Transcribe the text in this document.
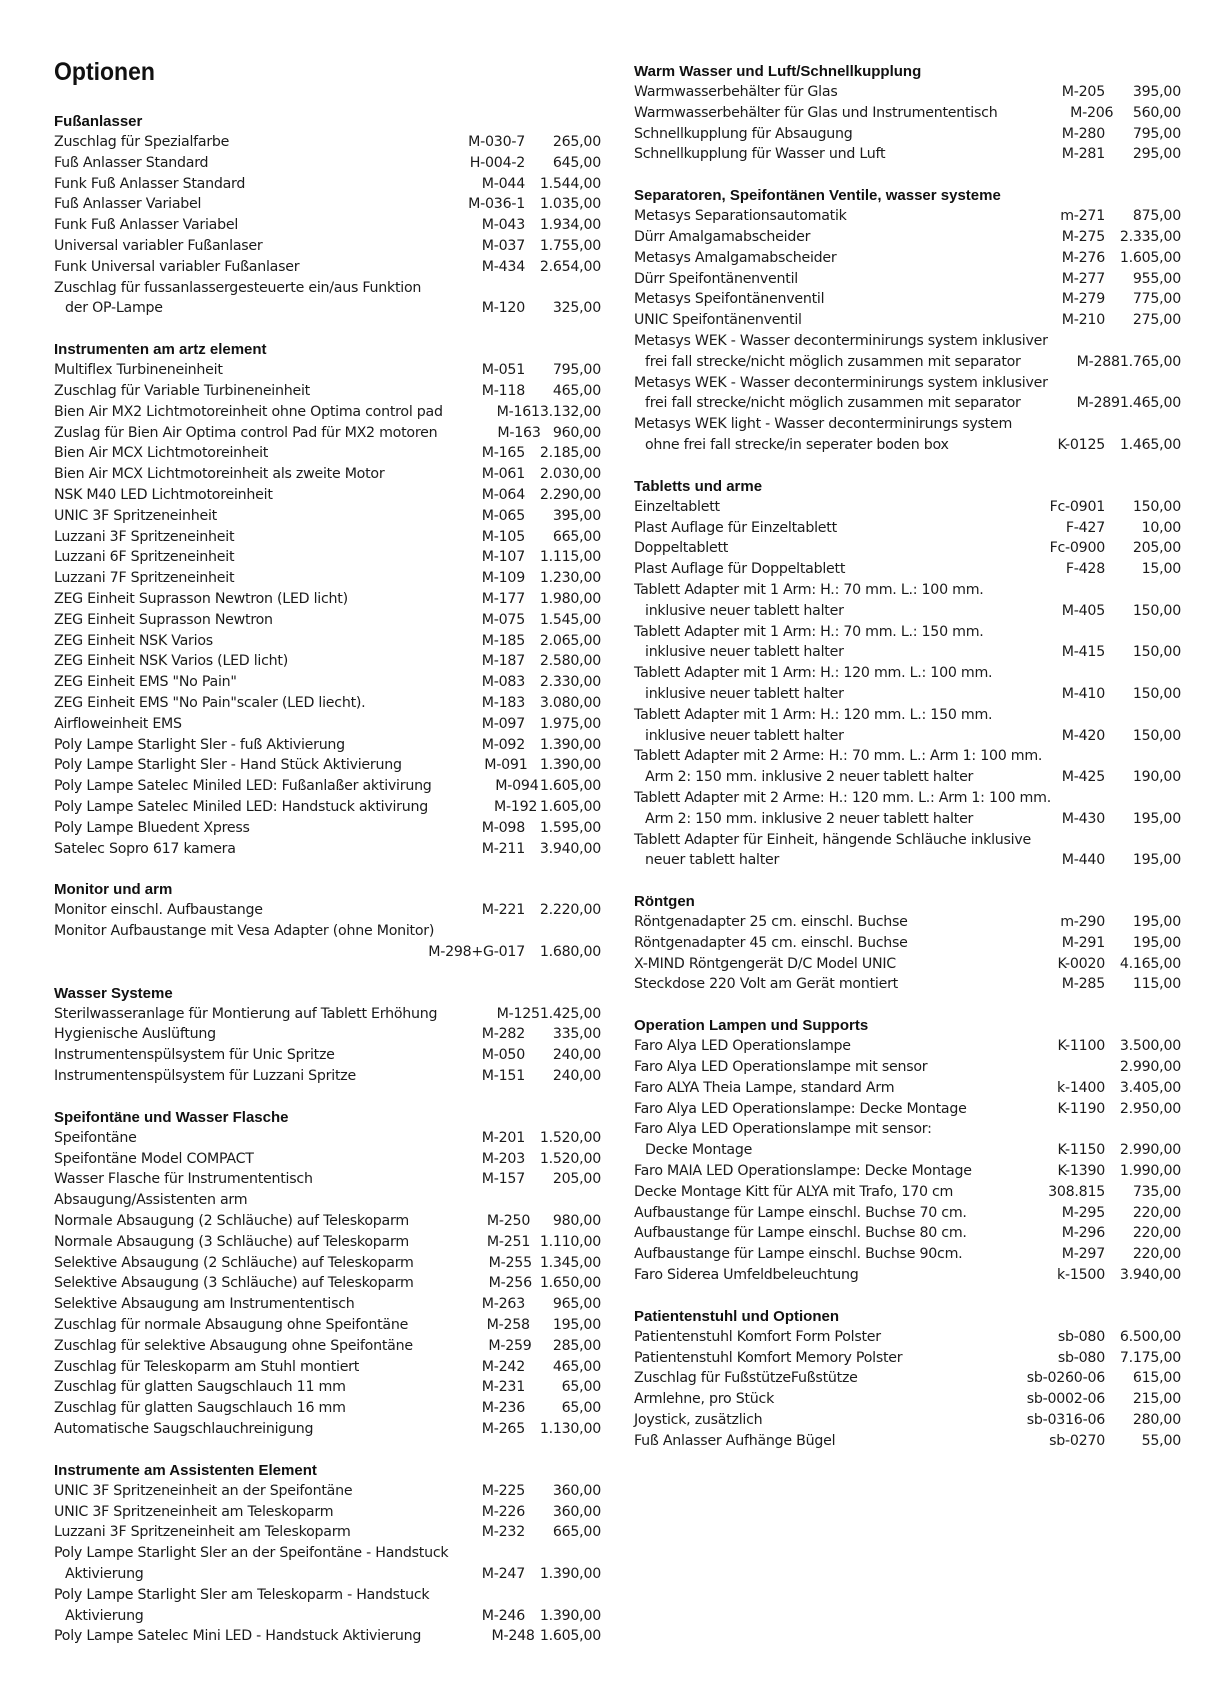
Optionen
Fußanlasser
Zuschlag für Spezialfarbe	M-030-7	265,00
Fuß Anlasser Standard	H-004-2	645,00
Funk Fuß Anlasser Standard	M-044	1.544,00
Fuß Anlasser Variabel	M-036-1	1.035,00
Funk Fuß Anlasser Variabel	M-043	1.934,00
Universal variabler Fußanlaser	M-037	1.755,00
Funk Universal variabler Fußanlaser	M-434	2.654,00
Zuschlag für fussanlassergesteuerte ein/aus Funktion
der OP-Lampe	M-120	325,00
Instrumenten am artz element
Multiflex Turbineneinheit	M-051	795,00
Zuschlag für Variable Turbineneinheit	M-118	465,00
Bien Air MX2 Lichtmotoreinheit ohne Optima control pad	M-161 3.132,00
Zuslag für Bien Air Optima control Pad für MX2 motoren	M-163 960,00
Bien Air MCX Lichtmotoreinheit	M-165	2.185,00
Bien Air MCX Lichtmotoreinheit als zweite Motor	M-061	2.030,00
NSK M40 LED Lichtmotoreinheit	M-064	2.290,00
UNIC 3F Spritzeneinheit	M-065	395,00
Luzzani 3F Spritzeneinheit	M-105	665,00
Luzzani 6F Spritzeneinheit	M-107	1.115,00
Luzzani 7F Spritzeneinheit	M-109	1.230,00
ZEG Einheit Suprasson Newtron (LED licht)	M-177	1.980,00
ZEG Einheit Suprasson Newtron	M-075	1.545,00
ZEG Einheit NSK Varios	M-185	2.065,00
ZEG Einheit NSK Varios (LED licht)	M-187	2.580,00
ZEG Einheit EMS "No Pain"	M-083	2.330,00
ZEG Einheit EMS "No Pain"scaler (LED liecht).	M-183	3.080,00
Airfloweinheit EMS	M-097	1.975,00
Poly Lampe Starlight Sler - fuß Aktivierung	M-092	1.390,00
Poly Lampe Starlight Sler - Hand Stück Aktivierung	M-091 1.390,00
Poly Lampe Satelec Miniled LED: Fußanlaßer aktivirung	M-094 1.605,00
Poly Lampe Satelec Miniled LED: Handstuck aktivirung	M-192 1.605,00
Poly Lampe Bluedent Xpress	M-098	1.595,00
Satelec Sopro 617 kamera	M-211	3.940,00
Monitor und arm
Monitor einschl. Aufbaustange	M-221	2.220,00
Monitor Aufbaustange mit Vesa Adapter (ohne Monitor)
M-298+G-017	1.680,00
Wasser Systeme
Sterilwasseranlage für Montierung auf Tablett Erhöhung	M-125 1.425,00
Hygienische Auslüftung	M-282	335,00
Instrumentenspülsystem für Unic Spritze	M-050	240,00
Instrumentenspülsystem für Luzzani Spritze	M-151	240,00
Speifontäne und Wasser Flasche
Speifontäne	M-201	1.520,00
Speifontäne Model COMPACT	M-203	1.520,00
Wasser Flasche für Instrumententisch	M-157	205,00
Absaugung/Assistenten arm
Normale Absaugung (2 Schläuche) auf Teleskoparm	M-250	980,00
Normale Absaugung (3 Schläuche) auf Teleskoparm	M-251 1.110,00
Selektive Absaugung (2 Schläuche) auf Teleskoparm	M-255 1.345,00
Selektive Absaugung (3 Schläuche) auf Teleskoparm	M-256 1.650,00
Selektive Absaugung am Instrumententisch	M-263	965,00
Zuschlag für normale Absaugung ohne Speifontäne	M-258	195,00
Zuschlag für selektive Absaugung ohne Speifontäne	M-259	285,00
Zuschlag für Teleskoparm am Stuhl montiert	M-242	465,00
Zuschlag für glatten Saugschlauch 11 mm	M-231	65,00
Zuschlag für glatten Saugschlauch 16 mm	M-236	65,00
Automatische Saugschlauchreinigung	M-265	1.130,00
Instrumente am Assistenten Element
UNIC 3F Spritzeneinheit an der Speifontäne	M-225	360,00
UNIC 3F Spritzeneinheit am Teleskoparm	M-226	360,00
Luzzani 3F Spritzeneinheit am Teleskoparm	M-232	665,00
Poly Lampe Starlight Sler an der Speifontäne - Handstuck
Aktivierung	M-247	1.390,00
Poly Lampe Starlight Sler am Teleskoparm - Handstuck
Aktivierung	M-246	1.390,00
Poly Lampe Satelec Mini LED - Handstuck Aktivierung	M-248 1.605,00
Warm Wasser und Luft/Schnellkupplung
Warmwasserbehälter für Glas	M-205	395,00
Warmwasserbehälter für Glas und Instrumententisch	M-206	560,00
Schnellkupplung für Absaugung	M-280	795,00
Schnellkupplung für Wasser und Luft	M-281	295,00
Separatoren, Speifontänen Ventile, wasser systeme
Metasys Separationsautomatik	m-271	875,00
Dürr Amalgamabscheider	M-275	2.335,00
Metasys Amalgamabscheider	M-276	1.605,00
Dürr Speifontänenventil	M-277	955,00
Metasys Speifontänenventil	M-279	775,00
UNIC Speifontänenventil	M-210	275,00
Metasys WEK - Wasser deconterminirungs system inklusiver
frei fall strecke/nicht möglich zusammen mit separator	M-288 1.765,00
Metasys WEK - Wasser deconterminirungs system inklusiver
frei fall strecke/nicht möglich zusammen mit separator	M-289 1.465,00
Metasys WEK light - Wasser deconterminirungs system
ohne frei fall strecke/in seperater boden box	K-0125	1.465,00
Tabletts und arme
Einzeltablett	Fc-0901	150,00
Plast Auflage für Einzeltablett	F-427	10,00
Doppeltablett	Fc-0900	205,00
Plast Auflage für Doppeltablett	F-428	15,00
Tablett Adapter mit 1 Arm: H.: 70 mm. L.: 100 mm.
inklusive neuer tablett halter	M-405	150,00
Tablett Adapter mit 1 Arm: H.: 70 mm. L.: 150 mm.
inklusive neuer tablett halter	M-415	150,00
Tablett Adapter mit 1 Arm: H.: 120 mm. L.: 100 mm.
inklusive neuer tablett halter	M-410	150,00
Tablett Adapter mit 1 Arm: H.: 120 mm. L.: 150 mm.
inklusive neuer tablett halter	M-420	150,00
Tablett Adapter mit 2 Arme: H.: 70 mm. L.: Arm 1: 100 mm.
Arm 2: 150 mm. inklusive 2 neuer tablett halter	M-425	190,00
Tablett Adapter mit 2 Arme: H.: 120 mm. L.: Arm 1: 100 mm.
Arm 2: 150 mm. inklusive 2 neuer tablett halter	M-430	195,00
Tablett Adapter für Einheit, hängende Schläuche inklusive
neuer tablett halter	M-440	195,00
Röntgen
Röntgenadapter 25 cm. einschl. Buchse	m-290	195,00
Röntgenadapter 45 cm. einschl. Buchse	M-291	195,00
X-MIND Röntgengerät D/C Model UNIC	K-0020	4.165,00
Steckdose 220 Volt am Gerät montiert	M-285	115,00
Operation Lampen und Supports
Faro Alya LED Operationslampe	K-1100	3.500,00
Faro Alya LED Operationslampe mit sensor	2.990,00
Faro ALYA Theia Lampe, standard Arm	k-1400	3.405,00
Faro Alya LED Operationslampe: Decke Montage	K-1190	2.950,00
Faro Alya LED Operationslampe mit sensor:
Decke Montage	K-1150	2.990,00
Faro MAIA LED Operationslampe: Decke Montage	K-1390	1.990,00
Decke Montage Kitt für ALYA mit Trafo, 170 cm	308.815	735,00
Aufbaustange für Lampe einschl. Buchse 70 cm.	M-295	220,00
Aufbaustange für Lampe einschl. Buchse 80 cm.	M-296	220,00
Aufbaustange für Lampe einschl. Buchse 90cm.	M-297	220,00
Faro Siderea Umfeldbeleuchtung	k-1500	3.940,00
Patientenstuhl und Optionen
Patientenstuhl Komfort Form Polster	sb-080	6.500,00
Patientenstuhl Komfort Memory Polster	sb-080	7.175,00
Zuschlag für FußstützeFußstütze	sb-0260-06	615,00
Armlehne, pro Stück	sb-0002-06	215,00
Joystick, zusätzlich	sb-0316-06	280,00
Fuß Anlasser Aufhänge Bügel	sb-0270	55,00
